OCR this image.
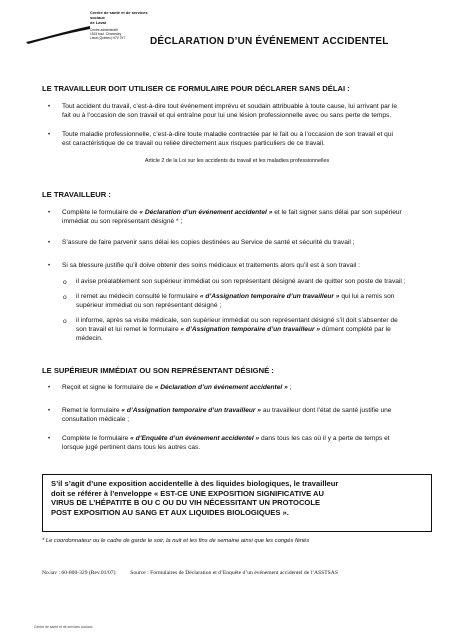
Centre de santé et de services sociaux
de Laval
Centre administratif
1515 boul. Chomedey
Laval (Québec) H7V 3Y7	DÉCLARATION D’UN ÉVÉNEMENT ACCIDENTEL
LE TRAVAILLEUR DOIT UTILISER CE FORMULAIRE POUR DÉCLARER SANS DÉLAI :
• Tout accident du travail, c’est-à-dire tout événement imprévu et soudain attribuable à toute cause, lui arrivant par le
fait ou à l’occasion de son travail et qui entraîne pour lui une lésion professionnelle avec ou sans perte de temps.
• Toute maladie professionnelle, c’est-à-dire toute maladie contractée par le fait ou à l’occasion de son travail et qui
est caractéristique de ce travail ou reliée directement aux risques particuliers de ce travail.
Article 2 de la Loi sur les accidents du travail et les maladies professionnelles
LE TRAVAILLEUR :
• Complète le formulaire de « Déclaration d’un événement accidentel » et le fait signer sans délai par son supérieur
immédiat ou son représentant désigné * ;
• S’assure de faire parvenir sans délai les copies destinées au Service de santé et sécurité du travail ;
• Si sa blessure justifie qu’il doive obtenir des soins médicaux et traitements alors qu’il est à son travail :
o il avise préalablement son supérieur immédiat ou son représentant désigné avant de quitter son poste de travail ;
o il remet au médecin consulté le formulaire « d’Assignation temporaire d’un travailleur » qui lui a remis son
supérieur immédiat ou son représentant désigné ;
o il informe, après sa visite médicale, son supérieur immédiat ou son représentant désigné s’il doit s’absenter de
son travail et lui remet le formulaire « d’Assignation temporaire d’un travailleur » dûment complété par le
médecin.
LE SUPÉRIEUR IMMÉDIAT OU SON REPRÉSENTANT DÉSIGNÉ :
• Reçoit et signe le formulaire de « Déclaration d’un événement accidentel » ;
• Remet le formulaire « d’Assignation temporaire d’un travailleur » au travailleur dont l’état de santé justifie une
consultation médicale ;
• Complète le formulaire « d’Enquête d’un événement accidentel » dans tous les cas où il y a perte de temps et
lorsque jugé pertinent dans tous les autres cas.
S’il s’agit d’une exposition accidentelle à des liquides biologiques, le travailleur
doit se référer à l’enveloppe « EST-CE UNE EXPOSITION SIGNIFICATIVE AU
VIRUS DE L’HÉPATITE B OU C OU DU VIH NÉCESSITANT UN PROTOCOLE
POST EXPOSITION AU SANG ET AUX LIQUIDES BIOLOGIQUES ».
* Le coordonnateur ou le cadre de garde le soir, la nuit et les fins de semaine ainsi que les congés fériés
No.iav : 60-800-329 (Rev.01/07)	Source : Formulaires de Déclaration et d’Enquête d’un événement accidentel de l’ASSTSAS
Centre de santé et de services sociaux
